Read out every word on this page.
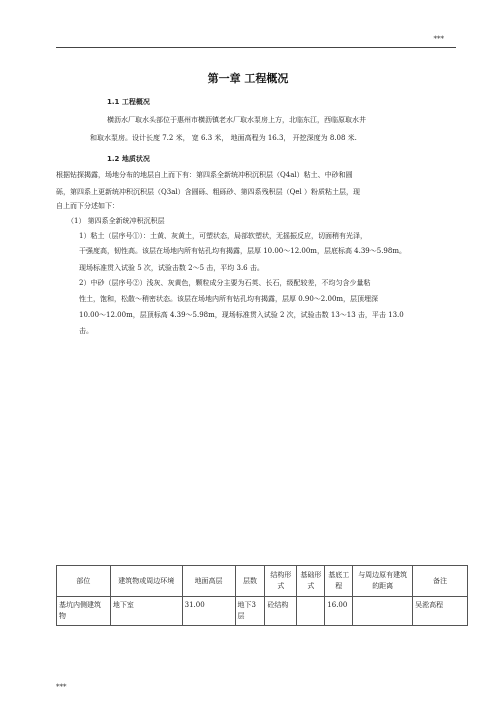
***
第一章 工程概况
1.1 工程概况
横沥水厂取水头部位于惠州市横沥镇老水厂取水泵房上方，北临东江，西临原取水井
和取水泵房。设计长度 7.2 米， 宽 6.3 米， 地面高程为 16.3， 开挖深度为 8.08 米.
1.2 地质状况
根据钻探揭露，场地分布的地层自上而下有：第四系全新统冲积沉积层（Q4al）粘土、中砂和圆
砾，第四系上更新统冲积沉积层（Q3al）含圆砾、粗砾砂、第四系残积层（Qel ）粉质粘土层，现
自上而下分述如下：
（1） 第四系全新统冲积沉积层
1）粘土（层序号①）：土黄、灰黄土，可塑状态，局部软塑状，无摇振反应，切面稍有光泽，
干强度高，韧性高。该层在场地内所有钻孔均有揭露，层厚 10.00～12.00m，层底标高 4.39～5.98m。
现场标准贯入试验 5 次，试验击数 2～5 击，平均 3.6 击。
2）中砂（层序号②）浅灰、灰黄色，颗粒成分主要为石英、长石，级配较差，不均匀含少量粘
性土，饱和，松散～稍密状态。该层在场地内所有钻孔均有揭露，层厚 0.90～2.00m，层顶埋深
10.00～12.00m，层顶标高 4.39～5.98m，现场标准贯入试验 2 次，试验击数 13～13 击，平击 13.0
击。
部位	建筑物或周边环境	地面高层	层数	结构形式	基础形式	基底工程	与周边原有建筑的距离	备注
基坑内侧建筑物	地下室	31.00	地下3层	砼结构		16.00		吴淞高程
***
